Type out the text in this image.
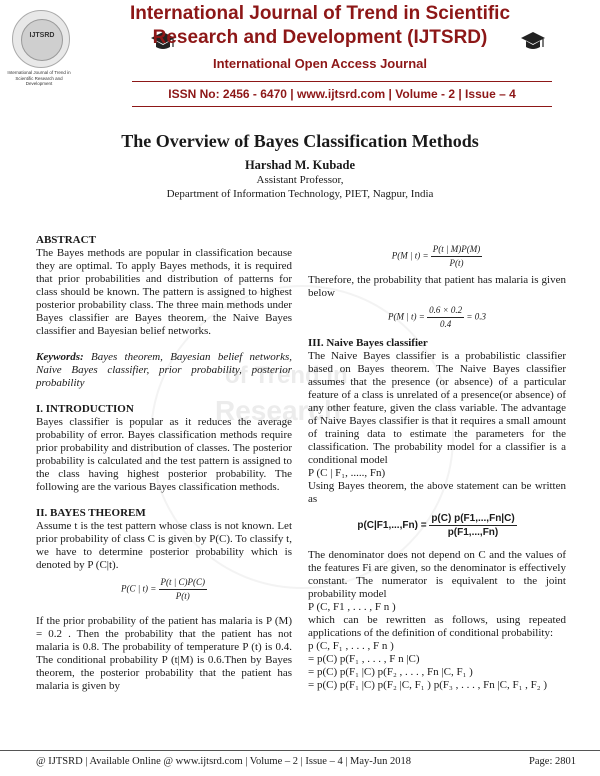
IJTSRD
International Journal of Trend in Scientific Research and Development
International Journal of Trend in Scientific
Research and Development (IJTSRD)
International Open Access Journal
ISSN No: 2456 - 6470 | www.ijtsrd.com | Volume - 2 | Issue – 4
The Overview of Bayes Classification Methods
Harshad M. Kubade
Assistant Professor,
Department of Information Technology, PIET, Nagpur, India
of Trend in
Research

ABSTRACT

The Bayes methods are popular in classification because they are optimal. To apply Bayes methods, it is required that prior probabilities and distribution of patterns for class should be known. The pattern is assigned to highest posterior probability class. The three main methods under Bayes classifier are Bayes theorem, the Naive Bayes classifier and Bayesian belief networks.

Keywords: Bayes theorem, Bayesian belief networks, Naive Bayes classifier, prior probability, posterior probability

I. INTRODUCTION

Bayes classifier is popular as it reduces the average probability of error. Bayes classification methods require prior probability and distribution of classes. The posterior probability is calculated and the test pattern is assigned to the class having highest posterior probability. The following are the various Bayes classification methods.

II. BAYES THEOREM

Assume t is the test pattern whose class is not known. Let prior probability of class C is given by P(C). To classify t, we have to determine posterior probability which is denoted by P (C|t).

P(C | $t) = \frac{P(t | C)P(C)}{P(t)}$

If the prior probability of the patient has malaria is P (M) = 0.2 . Then the probability that the patient has not malaria is 0.8. The probability of temperature P (t) is 0.4. The conditional probability P (t|M) is 0.6.Then by Bayes theorem, the posterior probability that the patient has malaria is given by

P(M | $t) = \frac{P(t | M)P(M)}{P(t)}$

Therefore, the probability that patient has malaria is given below

P(M | $t) = \frac{0.6 \times 0.2}{0.4} = 0.3$

III. Naive Bayes classifier

The Naive Bayes classifier is a probabilistic classifier based on Bayes theorem. The Naive Bayes classifier assumes that the presence (or absence) of a particular feature of a class is unrelated of a presence(or absence) of any other feature, given the class variable. The advantage of Naive Bayes classifier is that it requires a small amount of training data to estimate the parameters for the classification. The probability model for a classifier is a conditional model

P (C | F₁, ....., Fn)

Using Bayes theorem, the above statement can be written as

$p(C|F1,...,Fn) = \frac{p(C) p(F1,...,Fn|C)}{p(F1,...,Fn)}$

The denominator does not depend on C and the values of the features Fi are given, so the denominator is effectively constant. The numerator is equivalent to the joint probability model

P (C, F1 , . . . , F n )

which can be rewritten as follows, using repeated applications of the definition of conditional probability:

p (C, F₁ , . . . , F n )

= p(C) p(F₁ , . . . , F n |C)

= p(C) p(F₁ |C) p(F₂ , . . . , Fn |C, F₁ )

= p(C) p(F₁ |C) p(F₂ |C, F₁ ) p(F₃ , . . . , Fn |C, F₁ , F₂ )

@ IJTSRD | Available Online @ www.ijtsrd.com | Volume – 2 | Issue – 4 | May-Jun 2018	Page: 2801
